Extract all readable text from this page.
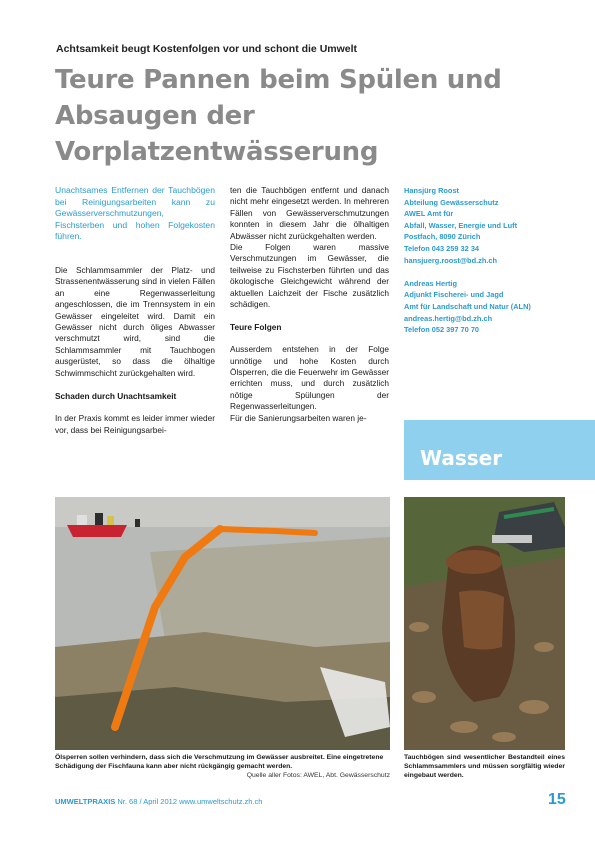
Achtsamkeit beugt Kostenfolgen vor und schont die Umwelt
Teure Pannen beim Spülen und
Absaugen der Vorplatzentwässerung

Unachtsames Entfernen der Tauchbögen bei Reinigungsarbeiten kann zu Gewässerverschmutzungen, Fischsterben und hohen Folgekosten führen.

Die Schlammsammler der Platz- und Strassenentwässerung sind in vielen Fällen an eine Regenwasserleitung angeschlossen, die im Trennsystem in ein Gewässer eingeleitet wird. Damit ein Gewässer nicht durch öliges Abwasser verschmutzt wird, sind die Schlammsammler mit Tauchbogen ausgerüstet, so dass die ölhaltige Schwimmschicht zurückgehalten wird.

Schaden durch Unachtsamkeit

In der Praxis kommt es leider immer wieder vor, dass bei Reinigungsarbei-

ten die Tauchbögen entfernt und danach nicht mehr eingesetzt werden. In mehreren Fällen von Gewässerverschmutzungen konnten in diesem Jahr die ölhaltigen Abwässer nicht zurückgehalten werden.

Die Folgen waren massive Verschmutzungen im Gewässer, die teilweise zu Fischsterben führten und das ökologische Gleichgewicht während der aktuellen Laichzeit der Fische zusätzlich schädigen.

Teure Folgen

Ausserdem entstehen in der Folge unnötige und hohe Kosten durch Ölsperren, die die Feuerwehr im Gewässer errichten muss, und durch zusätzlich nötige Spülungen der Regenwasserleitungen.

Für die Sanierungsarbeiten waren je-

Hansjürg Roost
Abteilung Gewässerschutz
AWEL Amt für
Abfall, Wasser, Energie und Luft
Postfach, 8090 Zürich
Telefon 043 259 32 34
hansjuerg.roost@bd.zh.ch
Andreas Hertig
Adjunkt Fischerei- und Jagd
Amt für Landschaft und Natur (ALN)
andreas.hertig@bd.zh.ch
Telefon 052 397 70 70
Wasser

Ölsperren sollen verhindern, dass sich die Verschmutzung im Gewässer ausbreitet. Eine eingetretene Schädigung der Fischfauna kann aber nicht rückgängig gemacht werden.

Quelle aller Fotos: AWEL, Abt. Gewässerschutz

Tauchbögen sind wesentlicher Bestandteil eines Schlammsammlers und müssen sorgfältig wieder eingebaut werden.

UMWELTPRAXIS Nr. 68 / April 2012 www.umweltschutz.zh.ch	15
